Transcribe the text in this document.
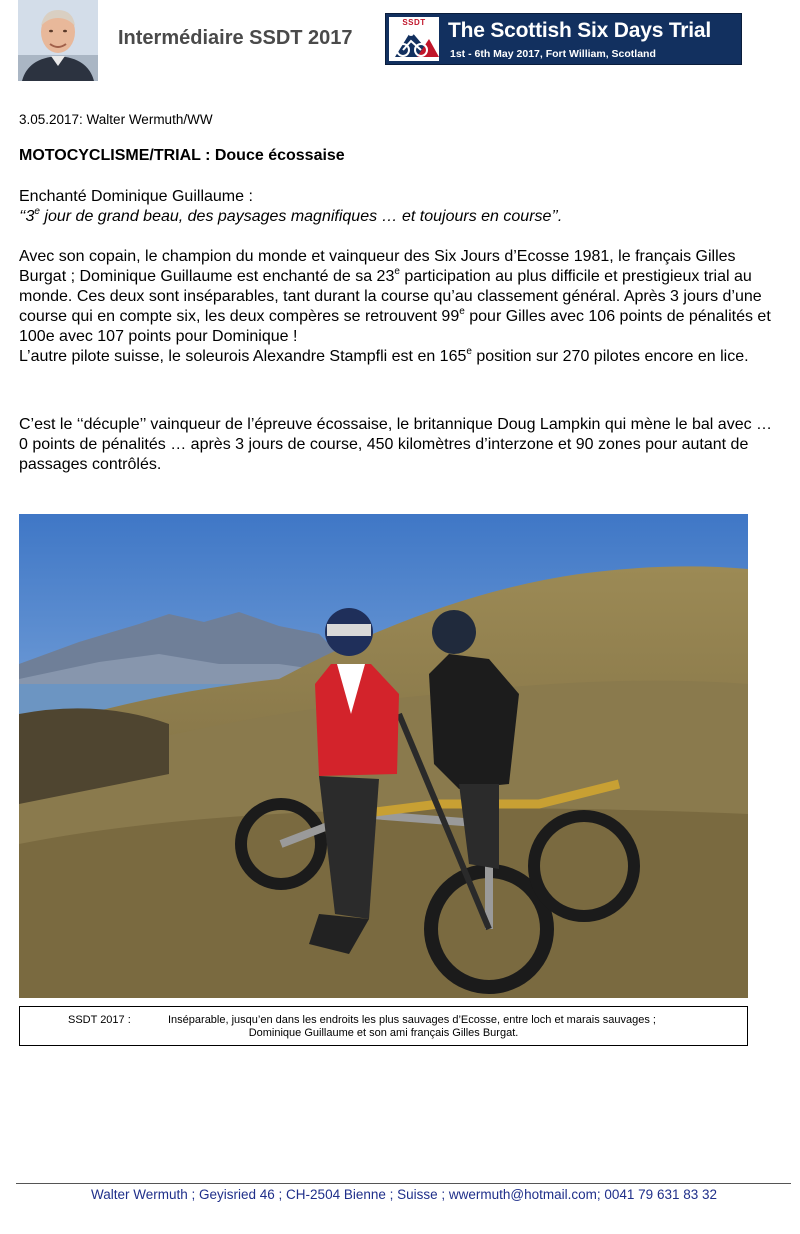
Intermédiaire SSDT 2017
SSDT	The Scottish Six Days Trial
1st - 6th May 2017, Fort William, Scotland
3.05.2017: Walter Wermuth/WW
MOTOCYCLISME/TRIAL : Douce écossaise
Enchanté Dominique Guillaume :
‘‘3e jour de grand beau, des paysages magnifiques … et toujours en course’’.
Avec son copain, le champion du monde et vainqueur des Six Jours d’Ecosse 1981, le français Gilles Burgat ; Dominique Guillaume est enchanté de sa 23e participation au plus difficile et prestigieux trial au monde. Ces deux sont inséparables, tant durant la course qu’au classement général. Après 3 jours d’une course qui en compte six, les deux compères se retrouvent 99e pour Gilles avec 106 points de pénalités et 100e avec 107 points pour Dominique !
L’autre pilote suisse, le soleurois Alexandre Stampfli est en 165e position sur 270 pilotes encore en lice.
C’est le ‘‘décuple’’ vainqueur de l’épreuve écossaise, le britannique Doug Lampkin qui mène le bal avec … 0 points de pénalités … après 3 jours de course, 450 kilomètres d’interzone et 90 zones pour autant de passages contrôlés.
SSDT 2017 :	Inséparable, jusqu’en dans les endroits les plus sauvages d’Ecosse, entre loch et marais sauvages ;
Dominique Guillaume et son ami français Gilles Burgat.
Walter Wermuth ; Geyisried 46 ; CH-2504 Bienne ; Suisse ; wwermuth@hotmail.com; 0041 79 631 83 32
